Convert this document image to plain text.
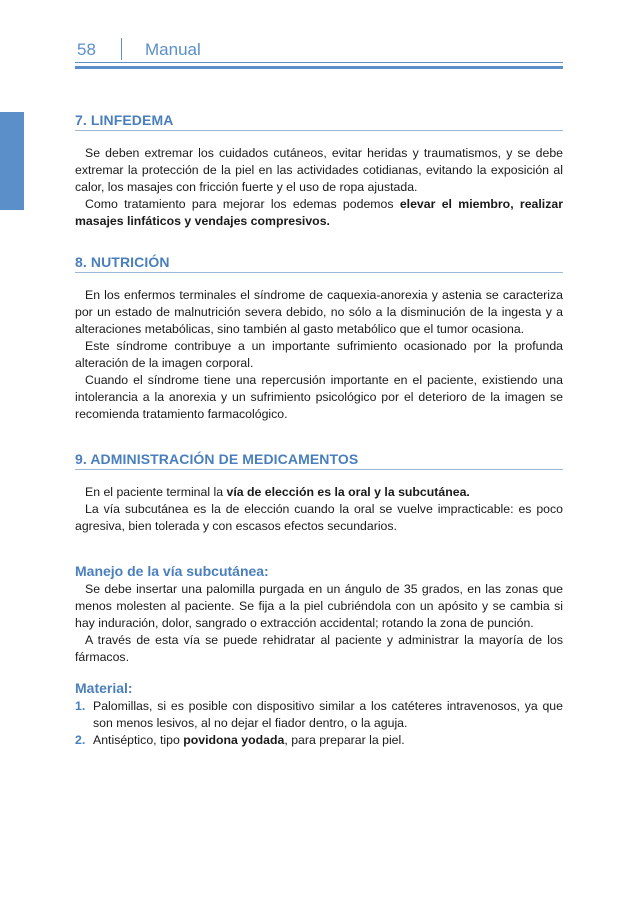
58	Manual
7. LINFEDEMA

Se deben extremar los cuidados cutáneos, evitar heridas y traumatismos, y se debe extremar la protección de la piel en las actividades cotidianas, evitando la exposición al calor, los masajes con fricción fuerte y el uso de ropa ajustada.

Como tratamiento para mejorar los edemas podemos elevar el miembro, realizar masajes linfáticos y vendajes compresivos.

8. NUTRICIÓN

En los enfermos terminales el síndrome de caquexia-anorexia y astenia se caracteriza por un estado de malnutrición severa debido, no sólo a la disminución de la ingesta y a alteraciones metabólicas, sino también al gasto metabólico que el tumor ocasiona.

Este síndrome contribuye a un importante sufrimiento ocasionado por la profunda alteración de la imagen corporal.

Cuando el síndrome tiene una repercusión importante en el paciente, existiendo una intolerancia a la anorexia y un sufrimiento psicológico por el deterioro de la imagen se recomienda tratamiento farmacológico.

9. ADMINISTRACIÓN DE MEDICAMENTOS

En el paciente terminal la vía de elección es la oral y la subcutánea.

La vía subcutánea es la de elección cuando la oral se vuelve impracticable: es poco agresiva, bien tolerada y con escasos efectos secundarios.

Manejo de la vía subcutánea:

Se debe insertar una palomilla purgada en un ángulo de 35 grados, en las zonas que menos molesten al paciente. Se fija a la piel cubriéndola con un apósito y se cambia si hay induración, dolor, sangrado o extracción accidental; rotando la zona de punción.

A través de esta vía se puede rehidratar al paciente y administrar la mayoría de los fármacos.

Material:
1. Palomillas, si es posible con dispositivo similar a los catéteres intravenosos, ya que son menos lesivos, al no dejar el fiador dentro, o la aguja.
2. Antiséptico, tipo povidona yodada, para preparar la piel.
